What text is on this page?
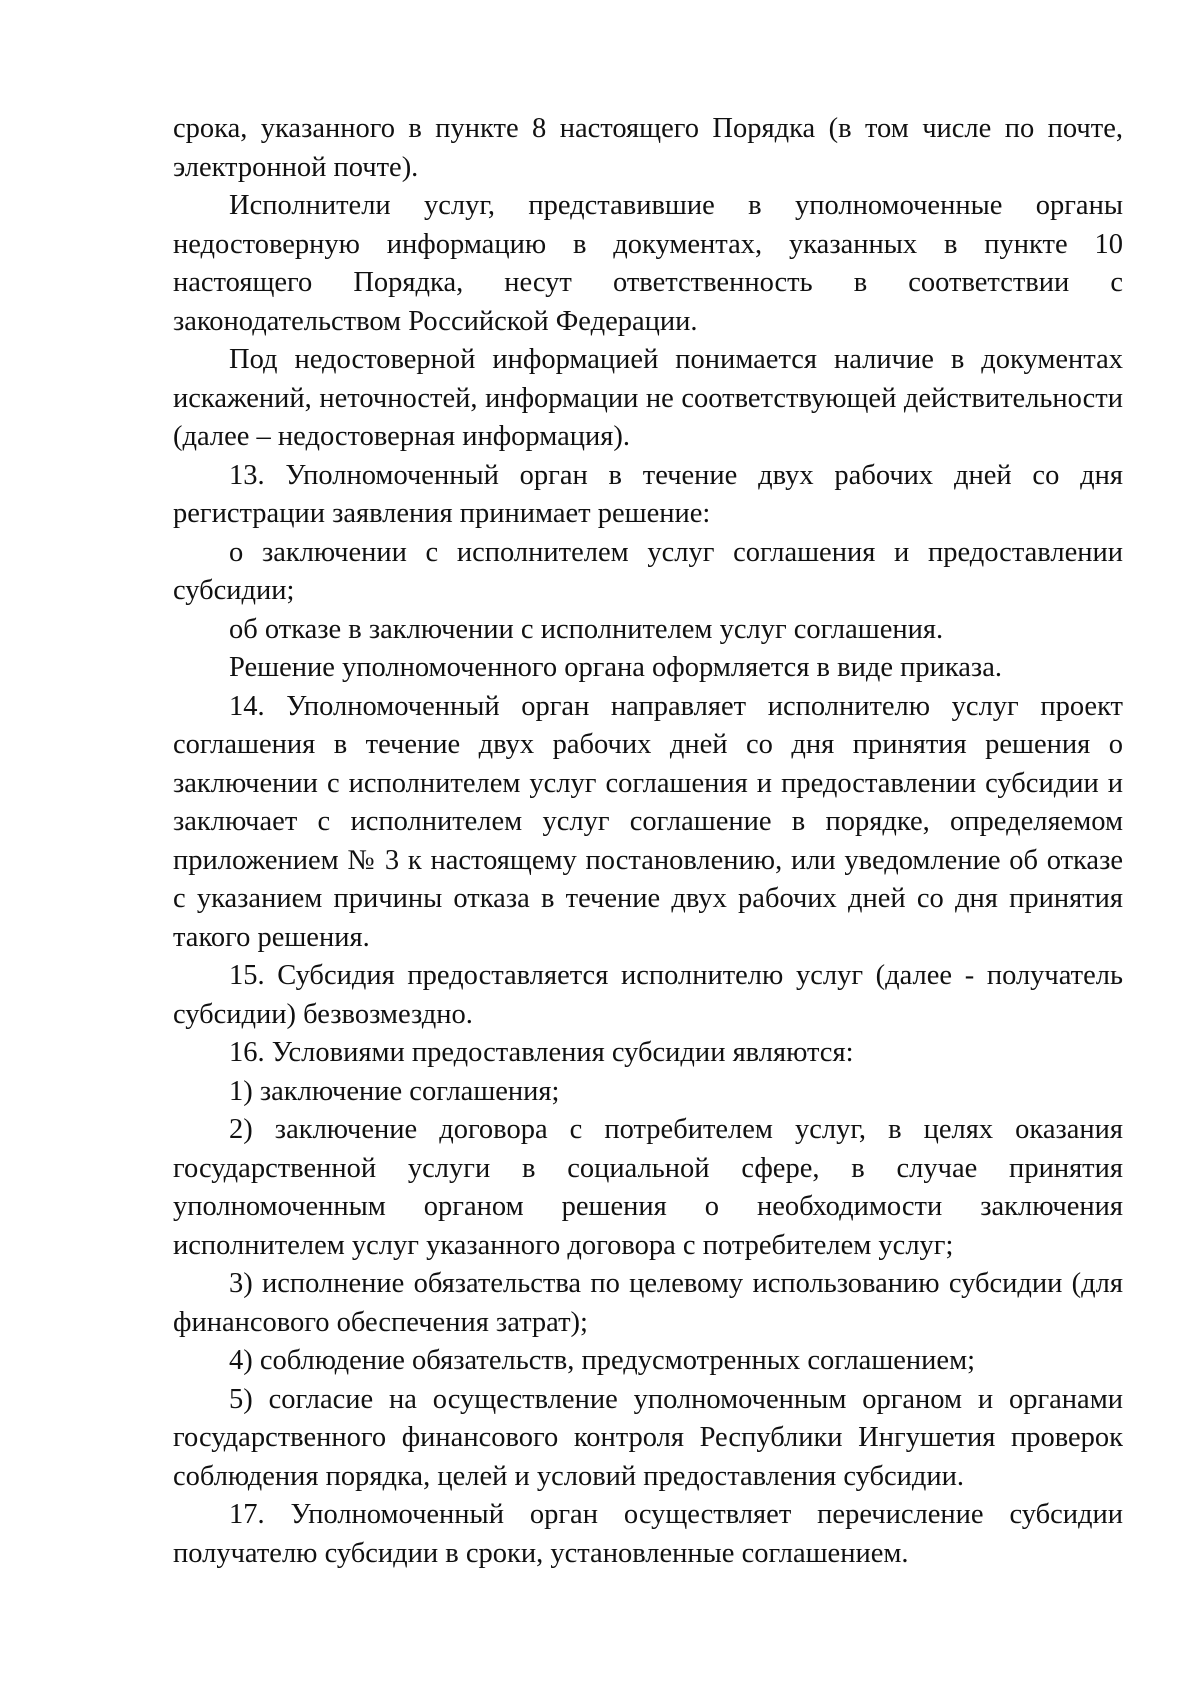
срока, указанного в пункте 8 настоящего Порядка (в том числе по почте, электронной почте).

Исполнители услуг, представившие в уполномоченные органы недостоверную информацию в документах, указанных в пункте 10 настоящего Порядка, несут ответственность в соответствии с законодательством Российской Федерации.

Под недостоверной информацией понимается наличие в документах искажений, неточностей, информации не соответствующей действительности (далее – недостоверная информация).

13. Уполномоченный орган в течение двух рабочих дней со дня регистрации заявления принимает решение:

о заключении с исполнителем услуг соглашения и предоставлении субсидии;

об отказе в заключении с исполнителем услуг соглашения.

Решение уполномоченного органа оформляется в виде приказа.

14. Уполномоченный орган направляет исполнителю услуг проект соглашения в течение двух рабочих дней со дня принятия решения о заключении с исполнителем услуг соглашения и предоставлении субсидии и заключает с исполнителем услуг соглашение в порядке, определяемом приложением № 3 к настоящему постановлению, или уведомление об отказе с указанием причины отказа в течение двух рабочих дней со дня принятия такого решения.

15. Субсидия предоставляется исполнителю услуг (далее - получатель субсидии) безвозмездно.

16. Условиями предоставления субсидии являются:

1) заключение соглашения;

2) заключение договора с потребителем услуг, в целях оказания государственной услуги в социальной сфере, в случае принятия уполномоченным органом решения о необходимости заключения исполнителем услуг указанного договора с потребителем услуг;

3) исполнение обязательства по целевому использованию субсидии (для финансового обеспечения затрат);

4) соблюдение обязательств, предусмотренных соглашением;

5) согласие на осуществление уполномоченным органом и органами государственного финансового контроля Республики Ингушетия проверок соблюдения порядка, целей и условий предоставления субсидии.

17. Уполномоченный орган осуществляет перечисление субсидии получателю субсидии в сроки, установленные соглашением.
